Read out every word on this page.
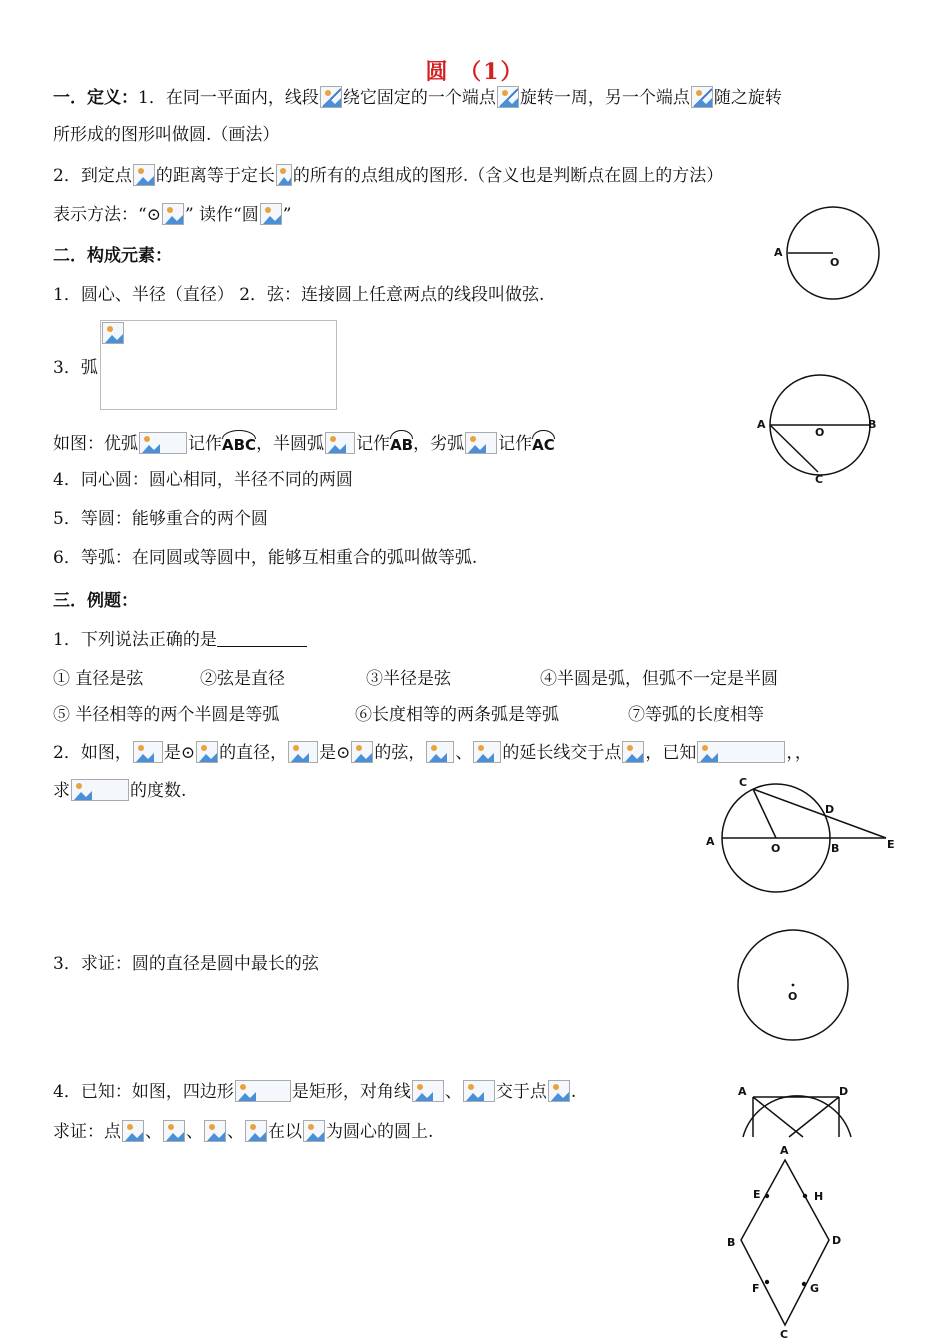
圆 （1）
一．定义：1．在同一平面内，线段 绕它固定的一个端点 旋转一周，另一个端点 随之旋转
所形成的图形叫做圆.（画法）
2．到定点 的距离等于定长 的所有的点组成的图形.（含义也是判断点在圆上的方法）
表示方法：“⊙ ” 读作“圆 ”
二．构成元素：
1．圆心、半径（直径） 2．弦：连接圆上任意两点的线段叫做弦.
3．弧
如图：优弧	记作ABC，半圆弧 记作AB，劣弧 记作AC
4．同心圆：圆心相同，半径不同的两圆
5．等圆：能够重合的两个圆
6．等弧：在同圆或等圆中，能够互相重合的弧叫做等弧.
三．例题：
1．下列说法正确的是
① 直径是弦	②弦是直径	③半径是弦	④半圆是弧，但弧不一定是半圆
⑤ 半径相等的两个半圆是等弧	⑥长度相等的两条弧是等弧	⑦等弧的长度相等
2．如图， 是⊙ 的直径， 是⊙ 的弦， 、 的延长线交于点 ，已知	，，
求	的度数.
3．求证：圆的直径是圆中最长的弦
4．已知：如图，四边形	是矩形，对角线 、 交于点 .
求证：点 、 、 、 在以 为圆心的圆上.
A
O
A
O
B
C
C
D
A
O	B	E
O
A	D
A
E	H
B	D
F	G
C
